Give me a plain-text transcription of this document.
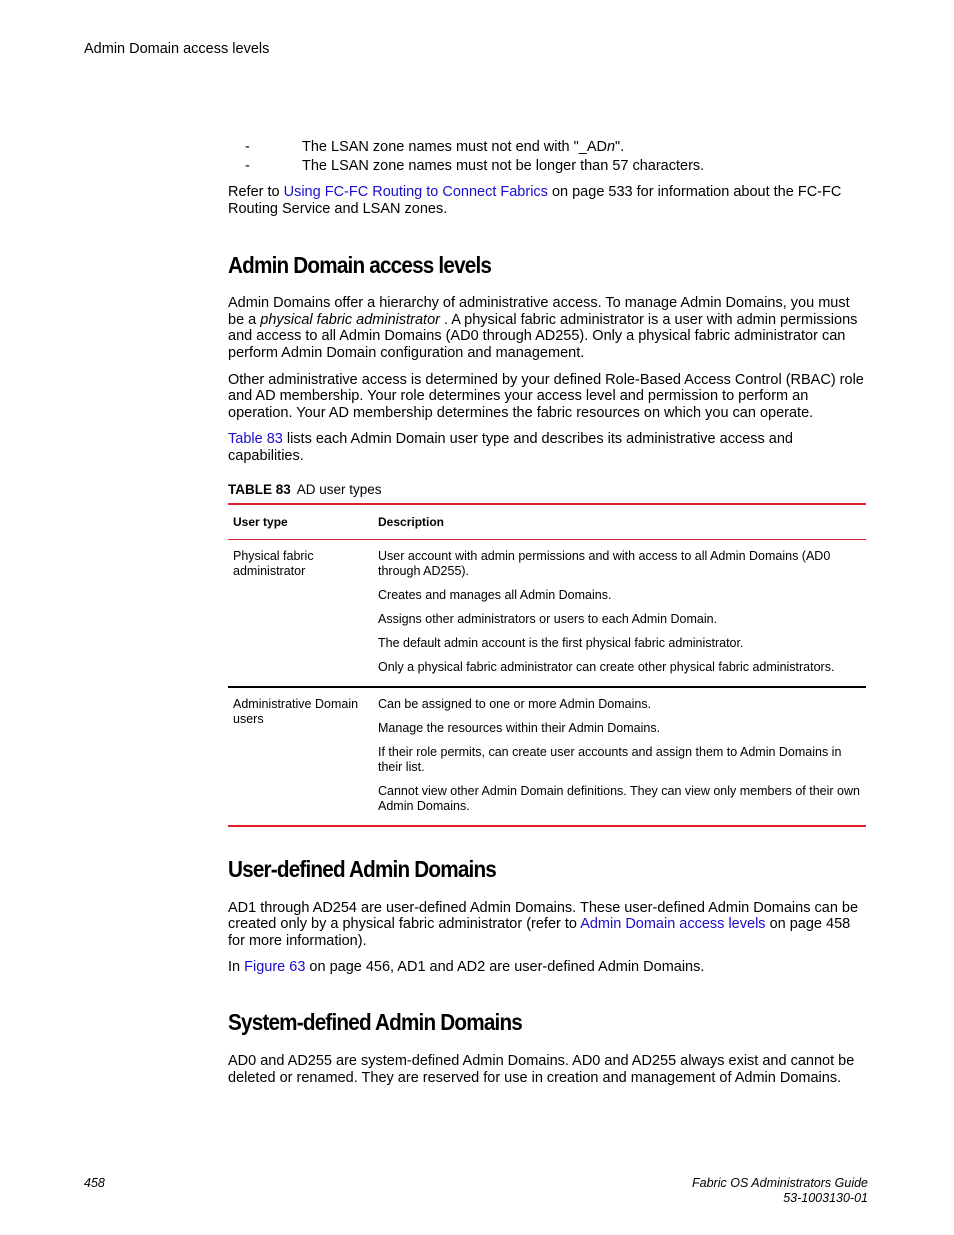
Admin Domain access levels
-	The LSAN zone names must not end with "_ADn".
-	The LSAN zone names must not be longer than 57 characters.

Refer to Using FC-FC Routing to Connect Fabrics on page 533 for information about the FC-FC Routing Service and LSAN zones.

Admin Domain access levels

Admin Domains offer a hierarchy of administrative access. To manage Admin Domains, you must be a physical fabric administrator . A physical fabric administrator is a user with admin permissions and access to all Admin Domains (AD0 through AD255). Only a physical fabric administrator can perform Admin Domain configuration and management.

Other administrative access is determined by your defined Role-Based Access Control (RBAC) role and AD membership. Your role determines your access level and permission to perform an operation. Your AD membership determines the fabric resources on which you can operate.

Table 83 lists each Admin Domain user type and describes its administrative access and capabilities.

TABLE 83 AD user types
User type	Description
Physical fabric administrator	User account with admin permissions and with access to all Admin Domains (AD0 through AD255).

Creates and manages all Admin Domains.

Assigns other administrators or users to each Admin Domain.

The default admin account is the first physical fabric administrator.

Only a physical fabric administrator can create other physical fabric administrators.

Administrative Domain users	Can be assigned to one or more Admin Domains.

Manage the resources within their Admin Domains.

If their role permits, can create user accounts and assign them to Admin Domains in their list.

Cannot view other Admin Domain definitions. They can view only members of their own Admin Domains.

User-defined Admin Domains

AD1 through AD254 are user-defined Admin Domains. These user-defined Admin Domains can be created only by a physical fabric administrator (refer to Admin Domain access levels on page 458 for more information).

In Figure 63 on page 456, AD1 and AD2 are user-defined Admin Domains.

System-defined Admin Domains

AD0 and AD255 are system-defined Admin Domains. AD0 and AD255 always exist and cannot be deleted or renamed. They are reserved for use in creation and management of Admin Domains.

458	Fabric OS Administrators Guide
53-1003130-01
